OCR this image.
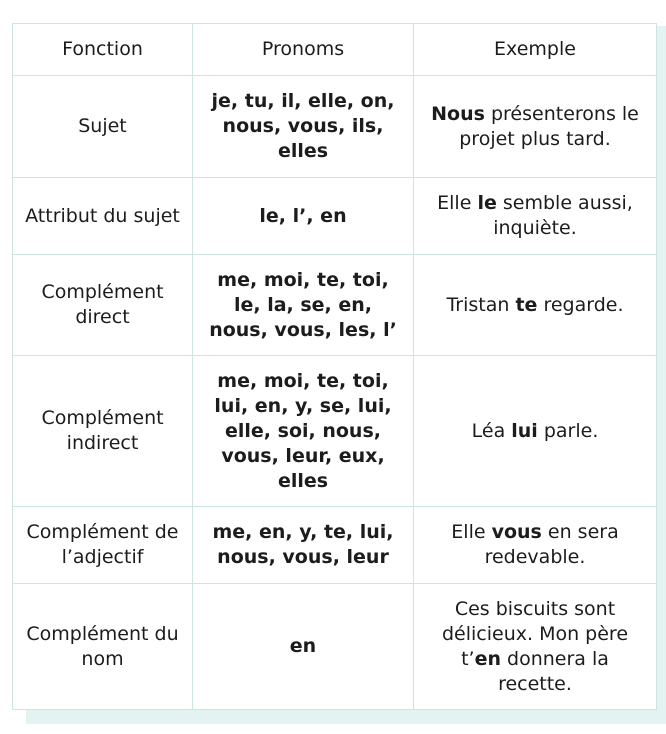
Fonction	Pronoms	Exemple
Sujet	je, tu, il, elle, on, nous, vous, ils, elles	Nous présenterons le projet plus tard.
Attribut du sujet	le, l’, en	Elle le semble aussi, inquiète.
Complément direct	me, moi, te, toi, le, la, se, en, nous, vous, les, l’	Tristan te regarde.
Complément indirect	me, moi, te, toi, lui, en, y, se, lui, elle, soi, nous, vous, leur, eux, elles	Léa lui parle.
Complément de l’adjectif	me, en, y, te, lui, nous, vous, leur	Elle vous en sera redevable.
Complément du nom	en	Ces biscuits sont délicieux. Mon père t’en donnera la recette.
